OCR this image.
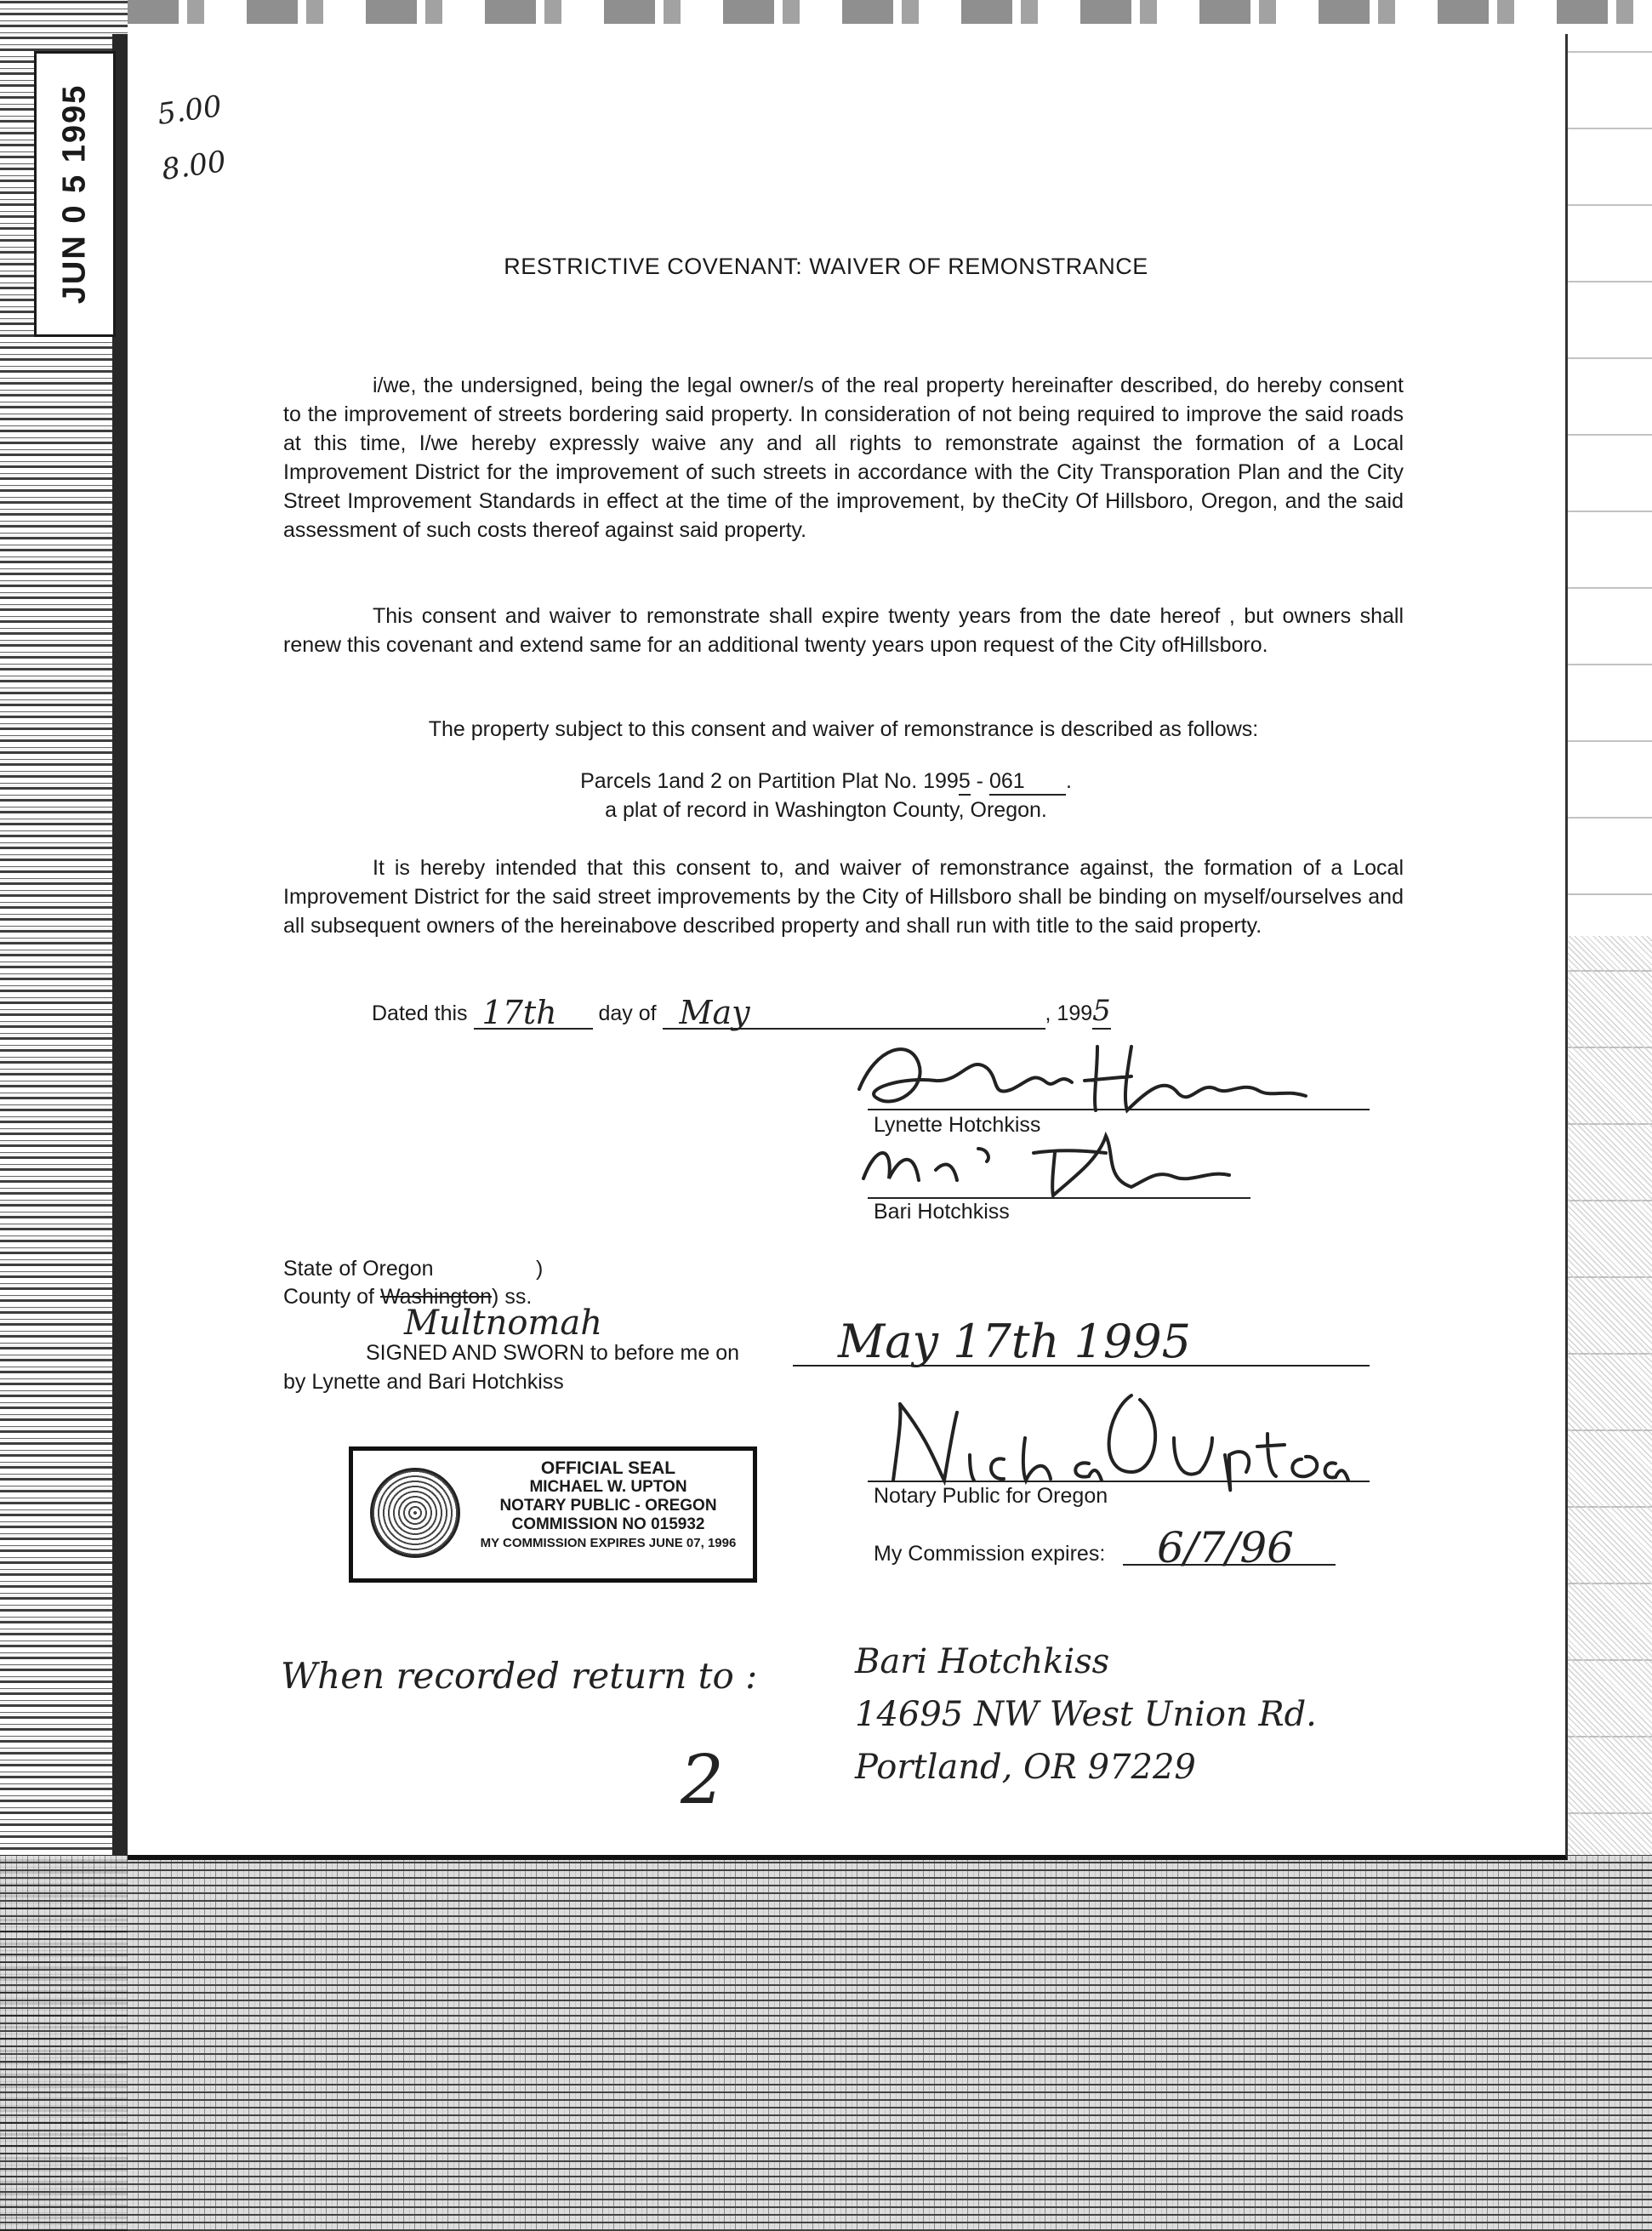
JUN 0 5 1995 5.00
8.00
RESTRICTIVE COVENANT: WAIVER OF REMONSTRANCE
i/we, the undersigned, being the legal owner/s of the real property hereinafter described, do hereby consent to the improvement of streets bordering said property. In consideration of not being required to improve the said roads at this time, I/we hereby expressly waive any and all rights to remonstrate against the formation of a Local Improvement District for the improvement of such streets in accordance with the City Transporation Plan and the City Street Improvement Standards in effect at the time of the improvement, by theCity Of Hillsboro, Oregon, and the said assessment of such costs thereof against said property.
This consent and waiver to remonstrate shall expire twenty years from the date hereof , but owners shall renew this covenant and extend same for an additional twenty years upon request of the City ofHillsboro.
The property subject to this consent and waiver of remonstrance is described as follows:
Parcels 1and 2 on Partition Plat No. 1995 - 061 .
a plat of record in Washington County, Oregon.
It is hereby intended that this consent to, and waiver of remonstrance against, the formation of a Local Improvement District for the said street improvements by the City of Hillsboro shall be binding on myself/ourselves and all subsequent owners of the hereinabove described property and shall run with title to the said property.
Dated this 17th day of May	, 1995
Lynette Hotchkiss
Bari Hotchkiss
State of Oregon	)
County of Washington) ss.
Multnomah
SIGNED AND SWORN to before me on May 17th 1995
by Lynette and Bari Hotchkiss
Notary Public for Oregon
My Commission expires: 6/7/96
OFFICIAL SEAL
MICHAEL W. UPTON
NOTARY PUBLIC - OREGON
COMMISSION NO 015932
MY COMMISSION EXPIRES JUNE 07, 1996
When recorded return to :	Bari Hotchkiss
14695 NW West Union Rd.
Portland, OR 97229
2
